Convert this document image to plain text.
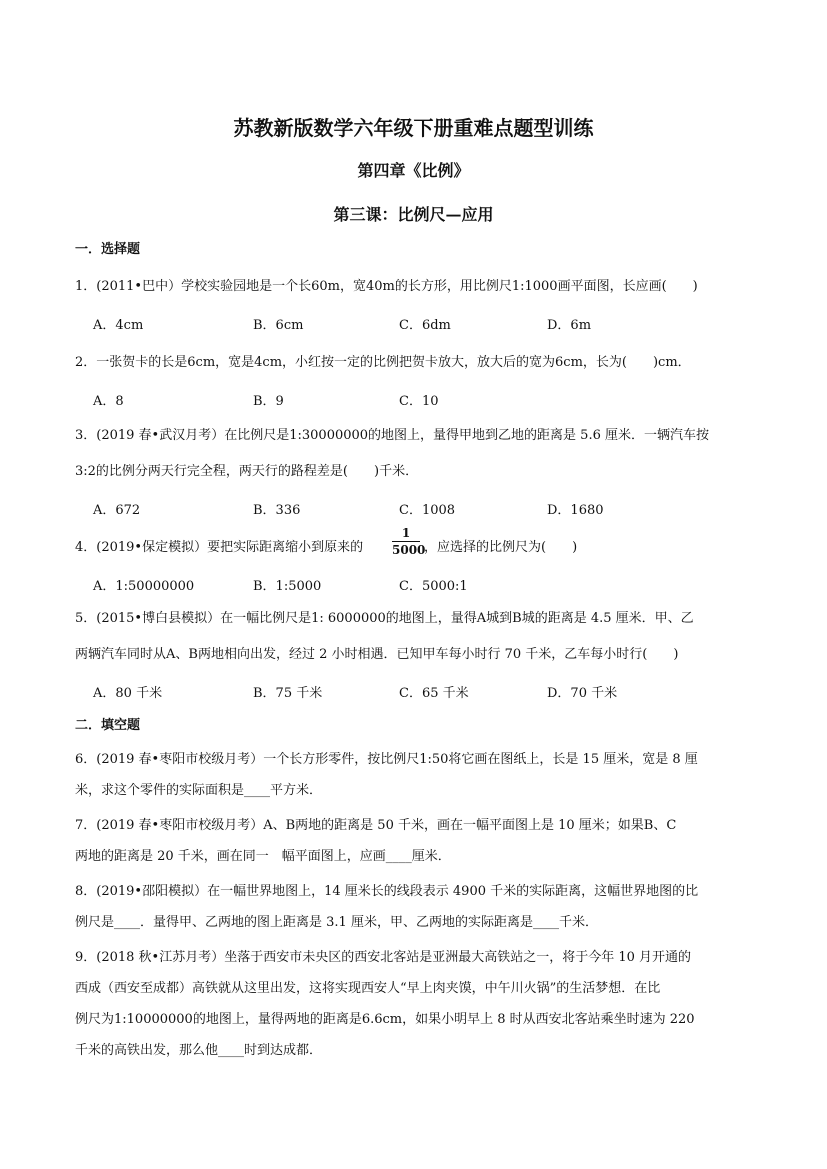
苏教新版数学六年级下册重难点题型训练
第四章《比例》
第三课：比例尺—应用
一．选择题
1．(2011•巴中）学校实验园地是一个长60m，宽40m的长方形，用比例尺1:1000画平面图，长应画(　　)
A．4cm	B．6cm	C．6dm	D．6m
2．一张贺卡的长是6cm，宽是4cm，小红按一定的比例把贺卡放大，放大后的宽为6cm，长为(　　)cm．
A．8	B．9	C．10
3．(2019 春•武汉月考）在比例尺是1:30000000的地图上，量得甲地到乙地的距离是 5.6 厘米．一辆汽车按
3:2的比例分两天行完全程，两天行的路程差是(　　)千米．
A．672	B．336	C．1008	D．1680
4．(2019•保定模拟）要把实际距离缩小到原来的 $\frac{1}{5000}$ ，应选择的比例尺为(　　)
A．1:50000000	B．1:5000	C．5000:1
5．(2015•博白县模拟）在一幅比例尺是1: 6000000的地图上，量得A城到B城的距离是 4.5 厘米．甲、乙
两辆汽车同时从A、B两地相向出发，经过 2 小时相遇．已知甲车每小时行 70 千米，乙车每小时行(　　)
A．80 千米	B．75 千米	C．65 千米	D．70 千米
二．填空题
6．(2019 春•枣阳市校级月考）一个长方形零件，按比例尺1:50将它画在图纸上，长是 15 厘米，宽是 8 厘
米，求这个零件的实际面积是____平方米．
7．(2019 春•枣阳市校级月考）A、B两地的距离是 50 千米，画在一幅平面图上是 10 厘米；如果B、C
两地的距离是 20 千米，画在同一　幅平面图上，应画____厘米．
8．(2019•邵阳模拟）在一幅世界地图上，14 厘米长的线段表示 4900 千米的实际距离，这幅世界地图的比
例尺是____．量得甲、乙两地的图上距离是 3.1 厘米，甲、乙两地的实际距离是____千米．
9．(2018 秋•江苏月考）坐落于西安市未央区的西安北客站是亚洲最大高铁站之一，将于今年 10 月开通的
西成（西安至成都）高铁就从这里出发，这将实现西安人“早上肉夹馍，中午川火锅”的生活梦想．在比
例尺为1:10000000的地图上，量得两地的距离是6.6cm，如果小明早上 8 时从西安北客站乘坐时速为 220
千米的高铁出发，那么他____时到达成都．
